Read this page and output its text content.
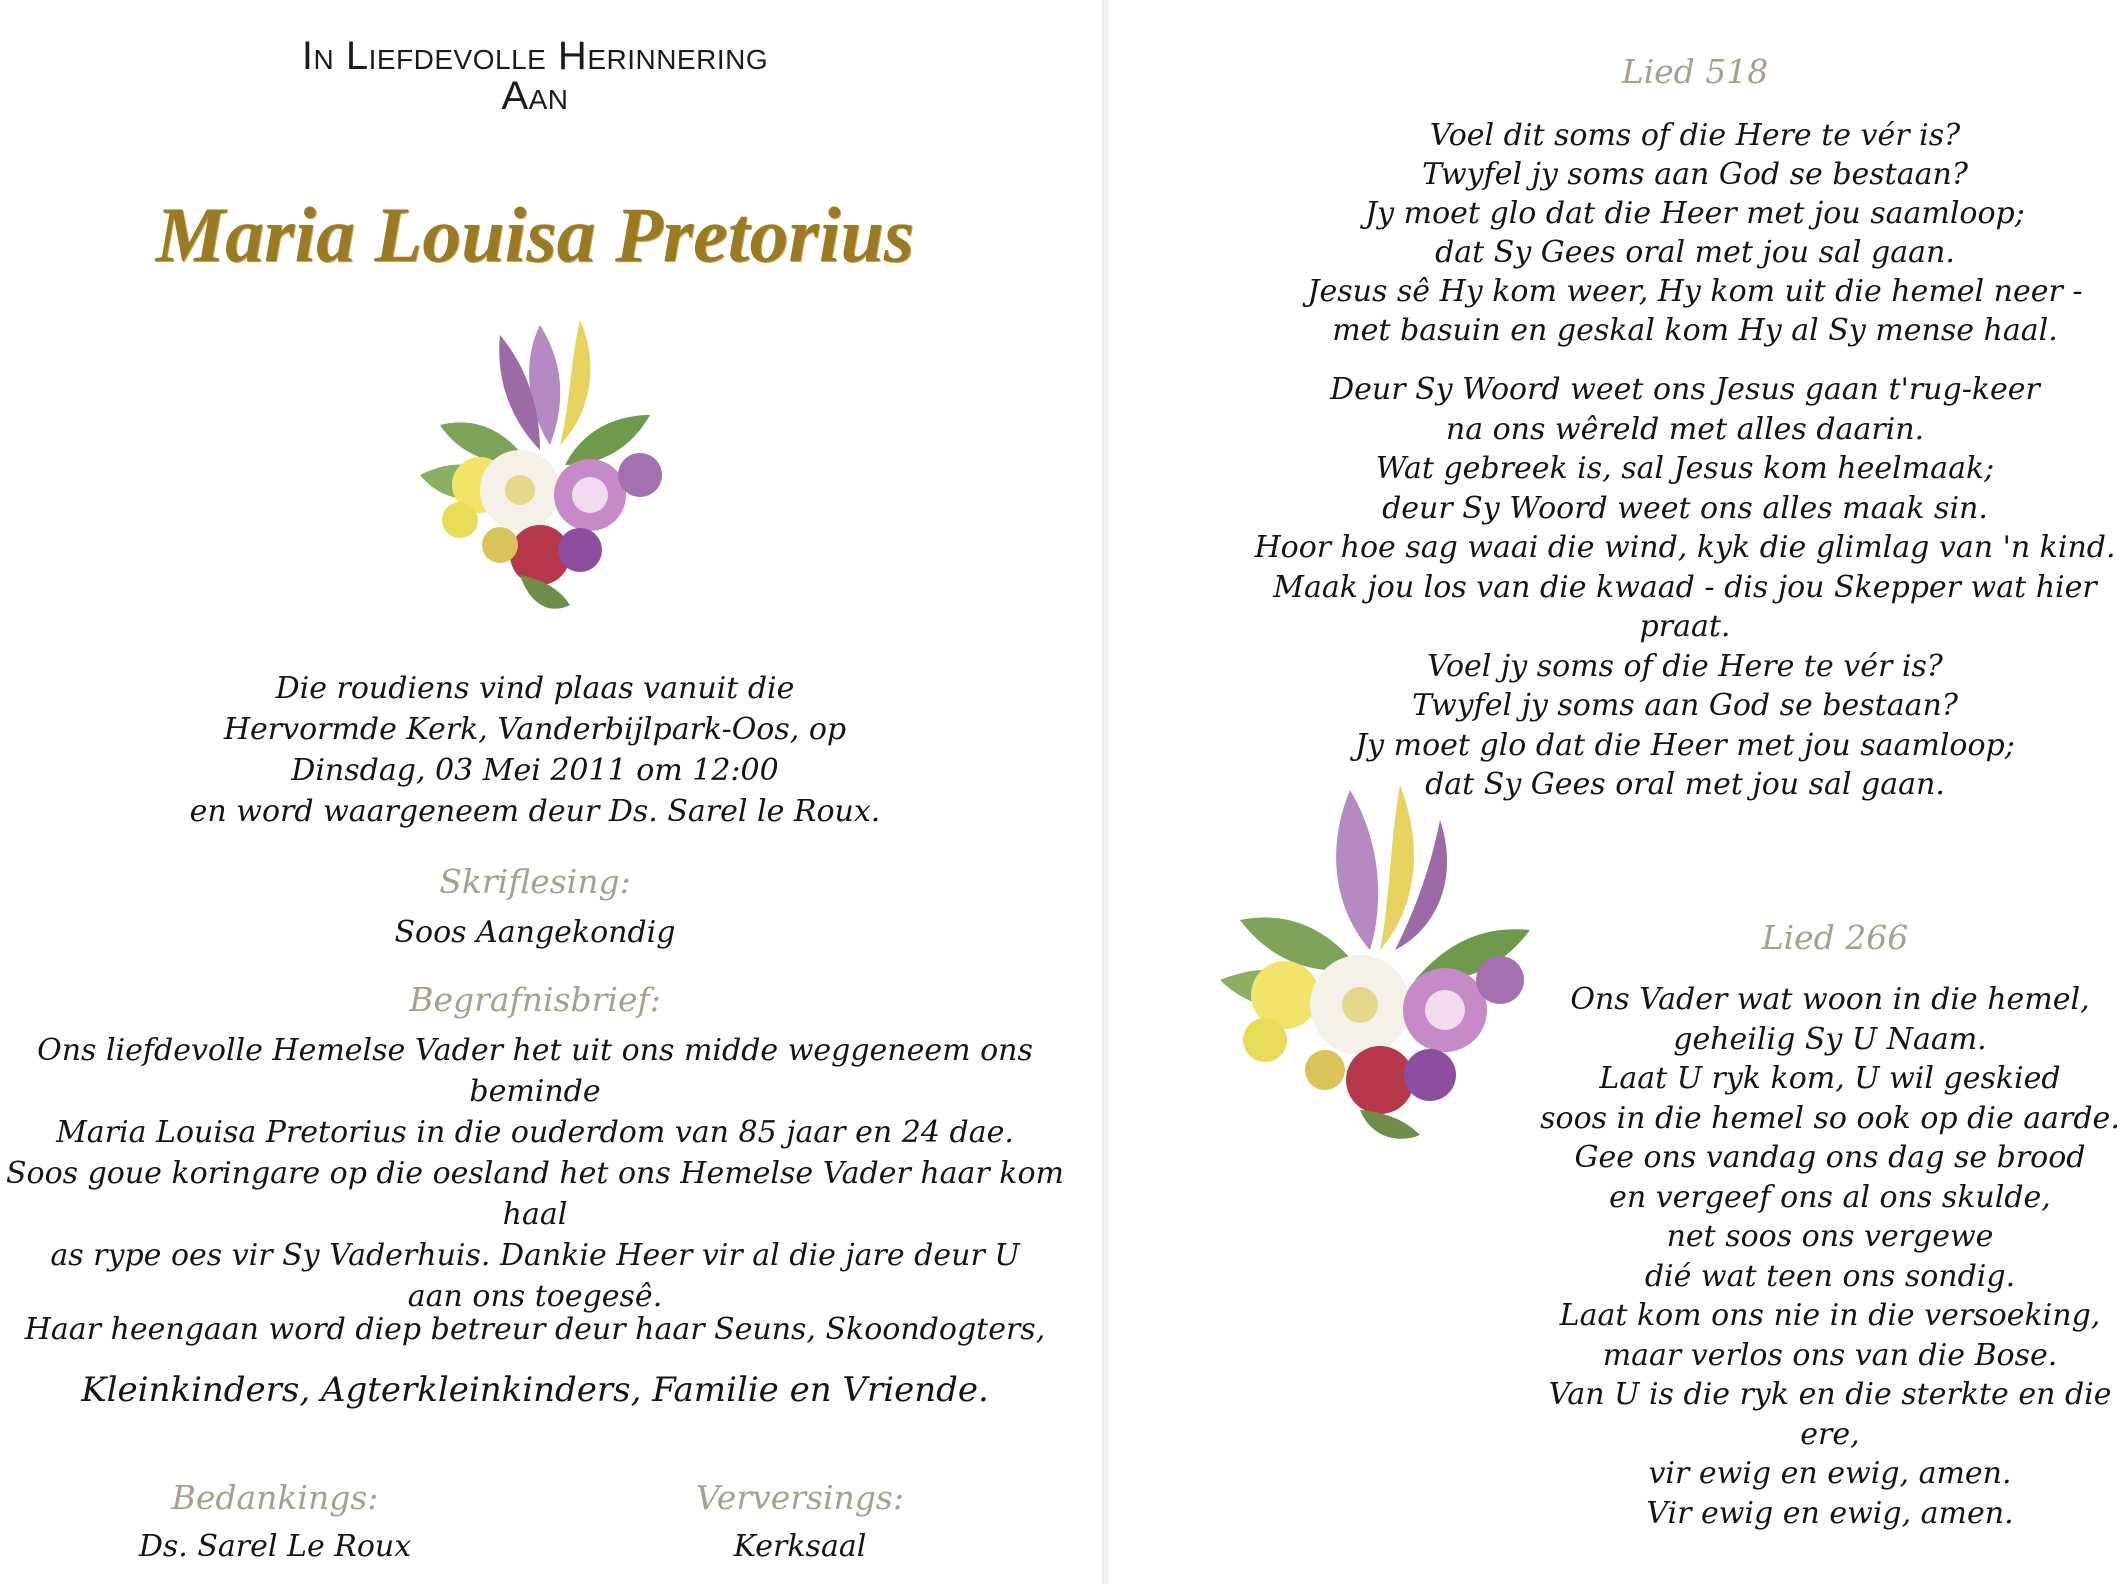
In Liefdevolle Herinnering
Aan
Maria Louisa Pretorius
Die roudiens vind plaas vanuit die
Hervormde Kerk, Vanderbijlpark-Oos, op
Dinsdag, 03 Mei 2011 om 12:00
en word waargeneem deur Ds. Sarel le Roux.
Skriflesing:
Soos Aangekondig
Begrafnisbrief:
Ons liefdevolle Hemelse Vader het uit ons midde weggeneem ons beminde
Maria Louisa Pretorius in die ouderdom van 85 jaar en 24 dae.
Soos goue koringare op die oesland het ons Hemelse Vader haar kom haal
as rype oes vir Sy Vaderhuis. Dankie Heer vir al die jare deur U
aan ons toegesê.
Haar heengaan word diep betreur deur haar Seuns, Skoondogters,
Kleinkinders, Agterkleinkinders, Familie en Vriende.
Bedankings:
Ds. Sarel Le Roux
Verversings:
Kerksaal
Lied 518
Voel dit soms of die Here te vér is?
Twyfel jy soms aan God se bestaan?
Jy moet glo dat die Heer met jou saamloop;
dat Sy Gees oral met jou sal gaan.
Jesus sê Hy kom weer, Hy kom uit die hemel neer -
met basuin en geskal kom Hy al Sy mense haal.
Deur Sy Woord weet ons Jesus gaan t'rug-keer
na ons wêreld met alles daarin.
Wat gebreek is, sal Jesus kom heelmaak;
deur Sy Woord weet ons alles maak sin.
Hoor hoe sag waai die wind, kyk die glimlag van 'n kind.
Maak jou los van die kwaad - dis jou Skepper wat hier praat.
Voel jy soms of die Here te vér is?
Twyfel jy soms aan God se bestaan?
Jy moet glo dat die Heer met jou saamloop;
dat Sy Gees oral met jou sal gaan.
Lied 266
Ons Vader wat woon in die hemel,
geheilig Sy U Naam.
Laat U ryk kom, U wil geskied
soos in die hemel so ook op die aarde.
Gee ons vandag ons dag se brood
en vergeef ons al ons skulde,
net soos ons vergewe
dié wat teen ons sondig.
Laat kom ons nie in die versoeking,
maar verlos ons van die Bose.
Van U is die ryk en die sterkte en die ere,
vir ewig en ewig, amen.
Vir ewig en ewig, amen.
